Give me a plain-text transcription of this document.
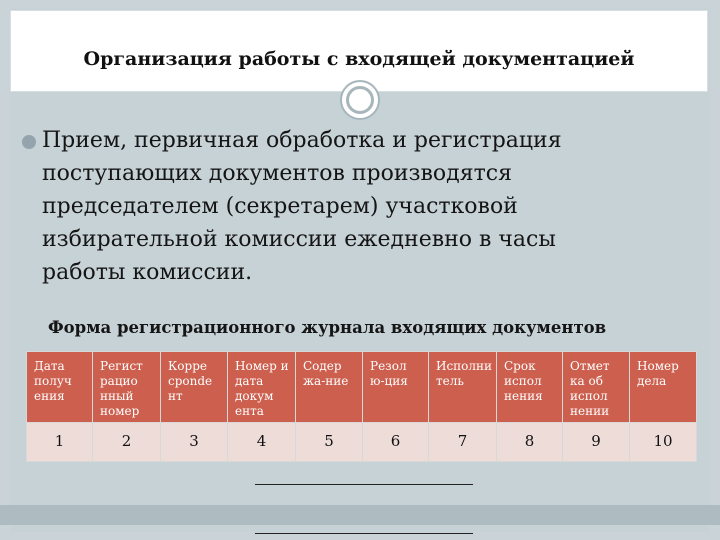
Организация работы с входящей документацией
Прием, первичная обработка и регистрация поступающих документов производятся председателем (секретарем) участковой избирательной комиссии ежедневно в часы работы комиссии.
Форма регистрационного журнала входящих документов
Дата получ ения	Регист рацио нный номер	Корре сponde нт	Номер и дата докум ента	Содер жа-ние	Резол ю-ция	Исполни тель	Срок испол нения	Отмет ка об испол нении	Номер дела
1	2	3	4	5	6	7	8	9	10
